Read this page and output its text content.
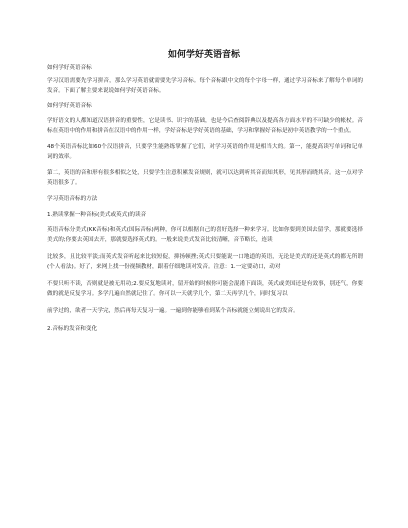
如何学好英语音标

如何学好英语音标

学习汉语需要先学习拼音，那么学习英语就需要先学习音标。每个音标跟中文的每个字母一样，通过学习音标来了解每个单词的发音。下面了解主要来说说如何学好英语音标。

如何学好英语音标

学好语文的人都知道汉语拼音的重要性，它是读书、识字的基础，也是今后查阅辞典以及提高各方面水平的不可缺少的帐杖。音标在英语中的作用和拼音在汉语中的作用一样，学好音标是学好英语的基础，学习和掌握好音标是初中英语教学的一个重点。

48个英语音标比如60个汉语拼音，只要学生能熟练掌握了它们，对学习英语的作用是相当大的。第一，能提高读写单词和记单词的效率。

第二，英语的音和形有很多相似之处，只要学生注意积累发音规则，就可以达到听其音而知其形，见其形而晓其音。这一点对学英语很多了。

学习英语音标的方法

1.熟读掌握一种音标(美式或英式)的读音

英语音标分美式(KK音标)和英式(国际音标)两种，你可以根据自己的喜好选择一种来学习。比如你要到美国去留学，那就要选择美式的;你要去英国去开，那就要选择英式的。一般来说美式发音比较清晰，音节略长，连读

比较多，且比较平淡;而英式发音听起来比较短促，抑扬顿挫;英式只要能说一口地道的英语，无论是美式的还是英式的都无所谓(个人看法)。好了，来网上找一份视频教材，跟着仔细地读对发音。注意：1.一定要动口，动对

不要只听不读，否则就是被无用功;2.要反复地读对，留开始的时候你可能会混淆下面读，英式或美国还是有效事，别还气，你要做的就是反复学习。多学几遍自然就记住了。你可以一天就学几个，第二天再学几个，同时复习以

前学过的，欲者一天学完，然后再每天复习一遍。一遍到你能够看到某个音标就能立刻说出它的发音。

2.音标的发音和变化
